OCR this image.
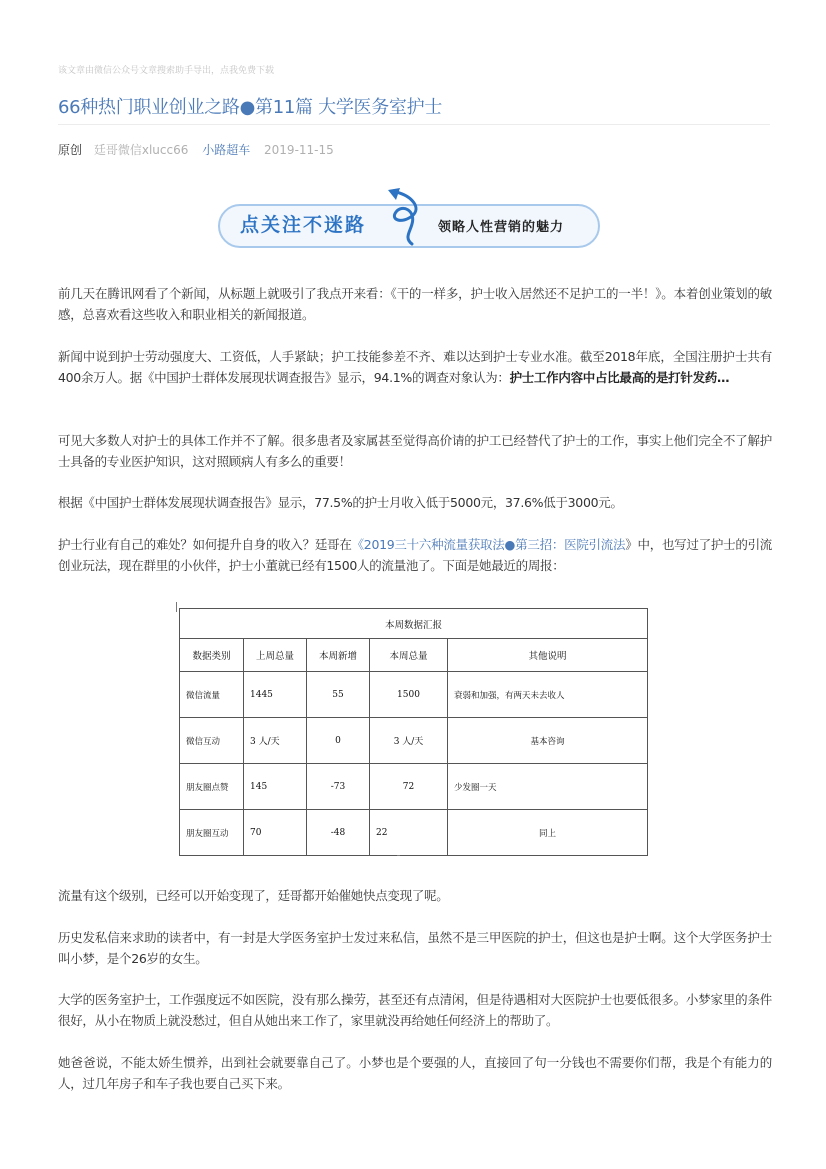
该文章由微信公众号文章搜索助手导出，点我免费下载
66种热门职业创业之路●第11篇 大学医务室护士
原创 廷哥微信xlucc66 小路超车 2019-11-15
点关注不迷路	领略人性营销的魅力

前几天在腾讯网看了个新闻，从标题上就吸引了我点开来看：《干的一样多，护士收入居然还不足护工的一半！》。本着创业策划的敏感，总喜欢看这些收入和职业相关的新闻报道。

新闻中说到护士劳动强度大、工资低，人手紧缺；护工技能参差不齐、难以达到护士专业水准。截至2018年底，全国注册护士共有400余万人。据《中国护士群体发展现状调查报告》显示，94.1%的调查对象认为：护士工作内容中占比最高的是打针发药…

可见大多数人对护士的具体工作并不了解。很多患者及家属甚至觉得高价请的护工已经替代了护士的工作，事实上他们完全不了解护士具备的专业医护知识，这对照顾病人有多么的重要！

根据《中国护士群体发展现状调查报告》显示，77.5%的护士月收入低于5000元，37.6%低于3000元。

护士行业有自己的难处？如何提升自身的收入？廷哥在《2019三十六种流量获取法●第三招：医院引流法》中，也写过了护士的引流创业玩法，现在群里的小伙伴，护士小董就已经有1500人的流量池了。下面是她最近的周报：

本周数据汇报				
数据类别	上周总量	本周新增	本周总量	其他说明
微信流量	1445	55	1500	衰弱和加强，有两天未去收人
微信互动	3 人/天	0	3 人/天	基本咨询
朋友圈点赞	145	-73	72	少发圈一天
朋友圈互动	70	-48	22	同上

流量有这个级别，已经可以开始变现了，廷哥都开始催她快点变现了呢。

历史发私信来求助的读者中，有一封是大学医务室护士发过来私信，虽然不是三甲医院的护士，但这也是护士啊。这个大学医务护士叫小梦，是个26岁的女生。

大学的医务室护士，工作强度远不如医院，没有那么操劳，甚至还有点清闲，但是待遇相对大医院护士也要低很多。小梦家里的条件很好，从小在物质上就没愁过，但自从她出来工作了，家里就没再给她任何经济上的帮助了。

她爸爸说，不能太娇生惯养，出到社会就要靠自己了。小梦也是个要强的人，直接回了句一分钱也不需要你们帮，我是个有能力的人，过几年房子和车子我也要自己买下来。
